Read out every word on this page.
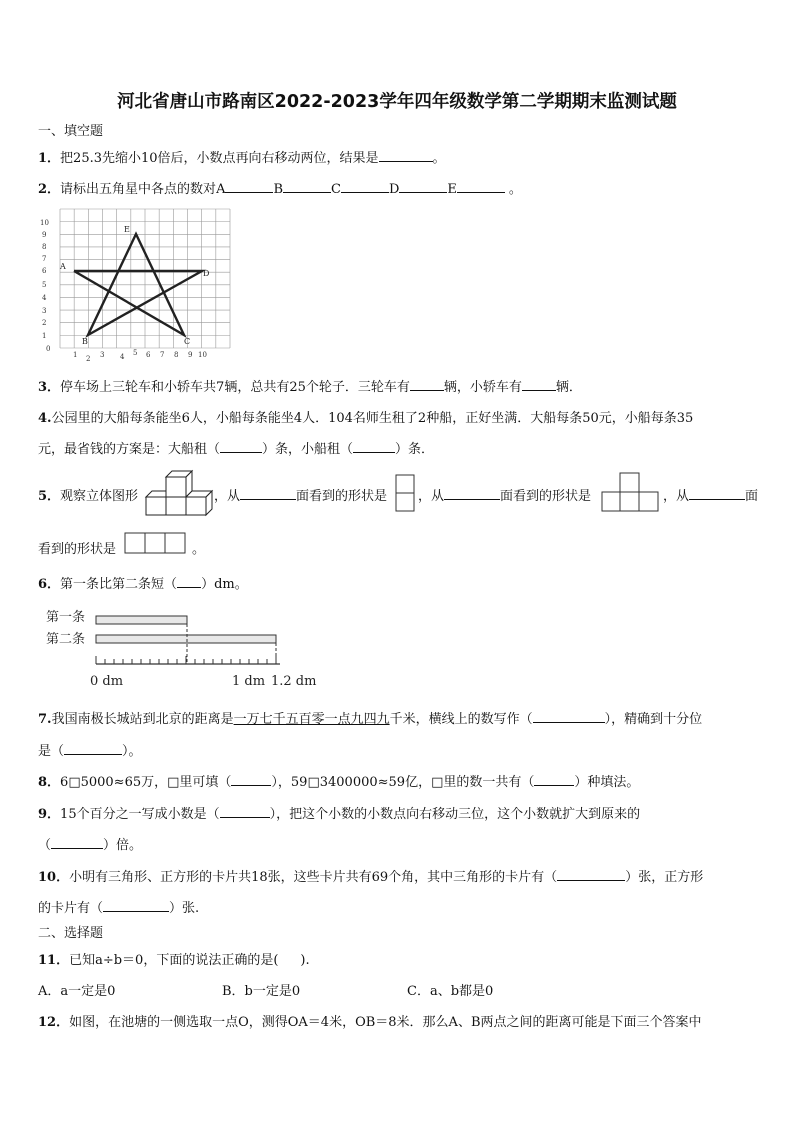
河北省唐山市路南区2022-2023学年四年级数学第二学期期末监测试题
一、填空题
1．把25.3先缩小10倍后，小数点再向右移动两位，结果是	。
2．请标出五角星中各点的数对A	B	C	D	E	。
10
9
8
7
6
5
4
3
2
1
0
1 2 3 4 5 6 7 8 9 10
A
D
E
B	C
3．停车场上三轮车和小轿车共7辆，总共有25个轮子．三轮车有	辆，小轿车有	辆．
4.公园里的大船每条能坐6人，小船每条能坐4人．104名师生租了2种船，正好坐满．大船每条50元，小船每条35
元，最省钱的方案是：大船租（	）条，小船租（	）条．
5．观察立体图形	，从	面看到的形状是 ，从	面看到的形状是	，从	面
看到的形状是	。
6．第一条比第二条短（ ）dm。
第一条
第二条
0 dm	1 dm 1.2 dm
7.我国南极长城站到北京的距离是一万七千五百零一点九四九千米，横线上的数写作（	），精确到十分位
是（	）。
8．6□5000≈65万，□里可填（	），59□3400000≈59亿，□里的数一共有（	）种填法。
9．15个百分之一写成小数是（	），把这个小数的小数点向右移动三位，这个小数就扩大到原来的
（	）倍。
10．小明有三角形、正方形的卡片共18张，这些卡片共有69个角，其中三角形的卡片有（	）张，正方形
的卡片有（	）张.
二、选择题
11．已知a÷b＝0，下面的说法正确的是( ).
A．a一定是0	B．b一定是0	C．a、b都是0
12．如图，在池塘的一侧选取一点O，测得OA＝4米，OB＝8米．那么A、B两点之间的距离可能是下面三个答案中
